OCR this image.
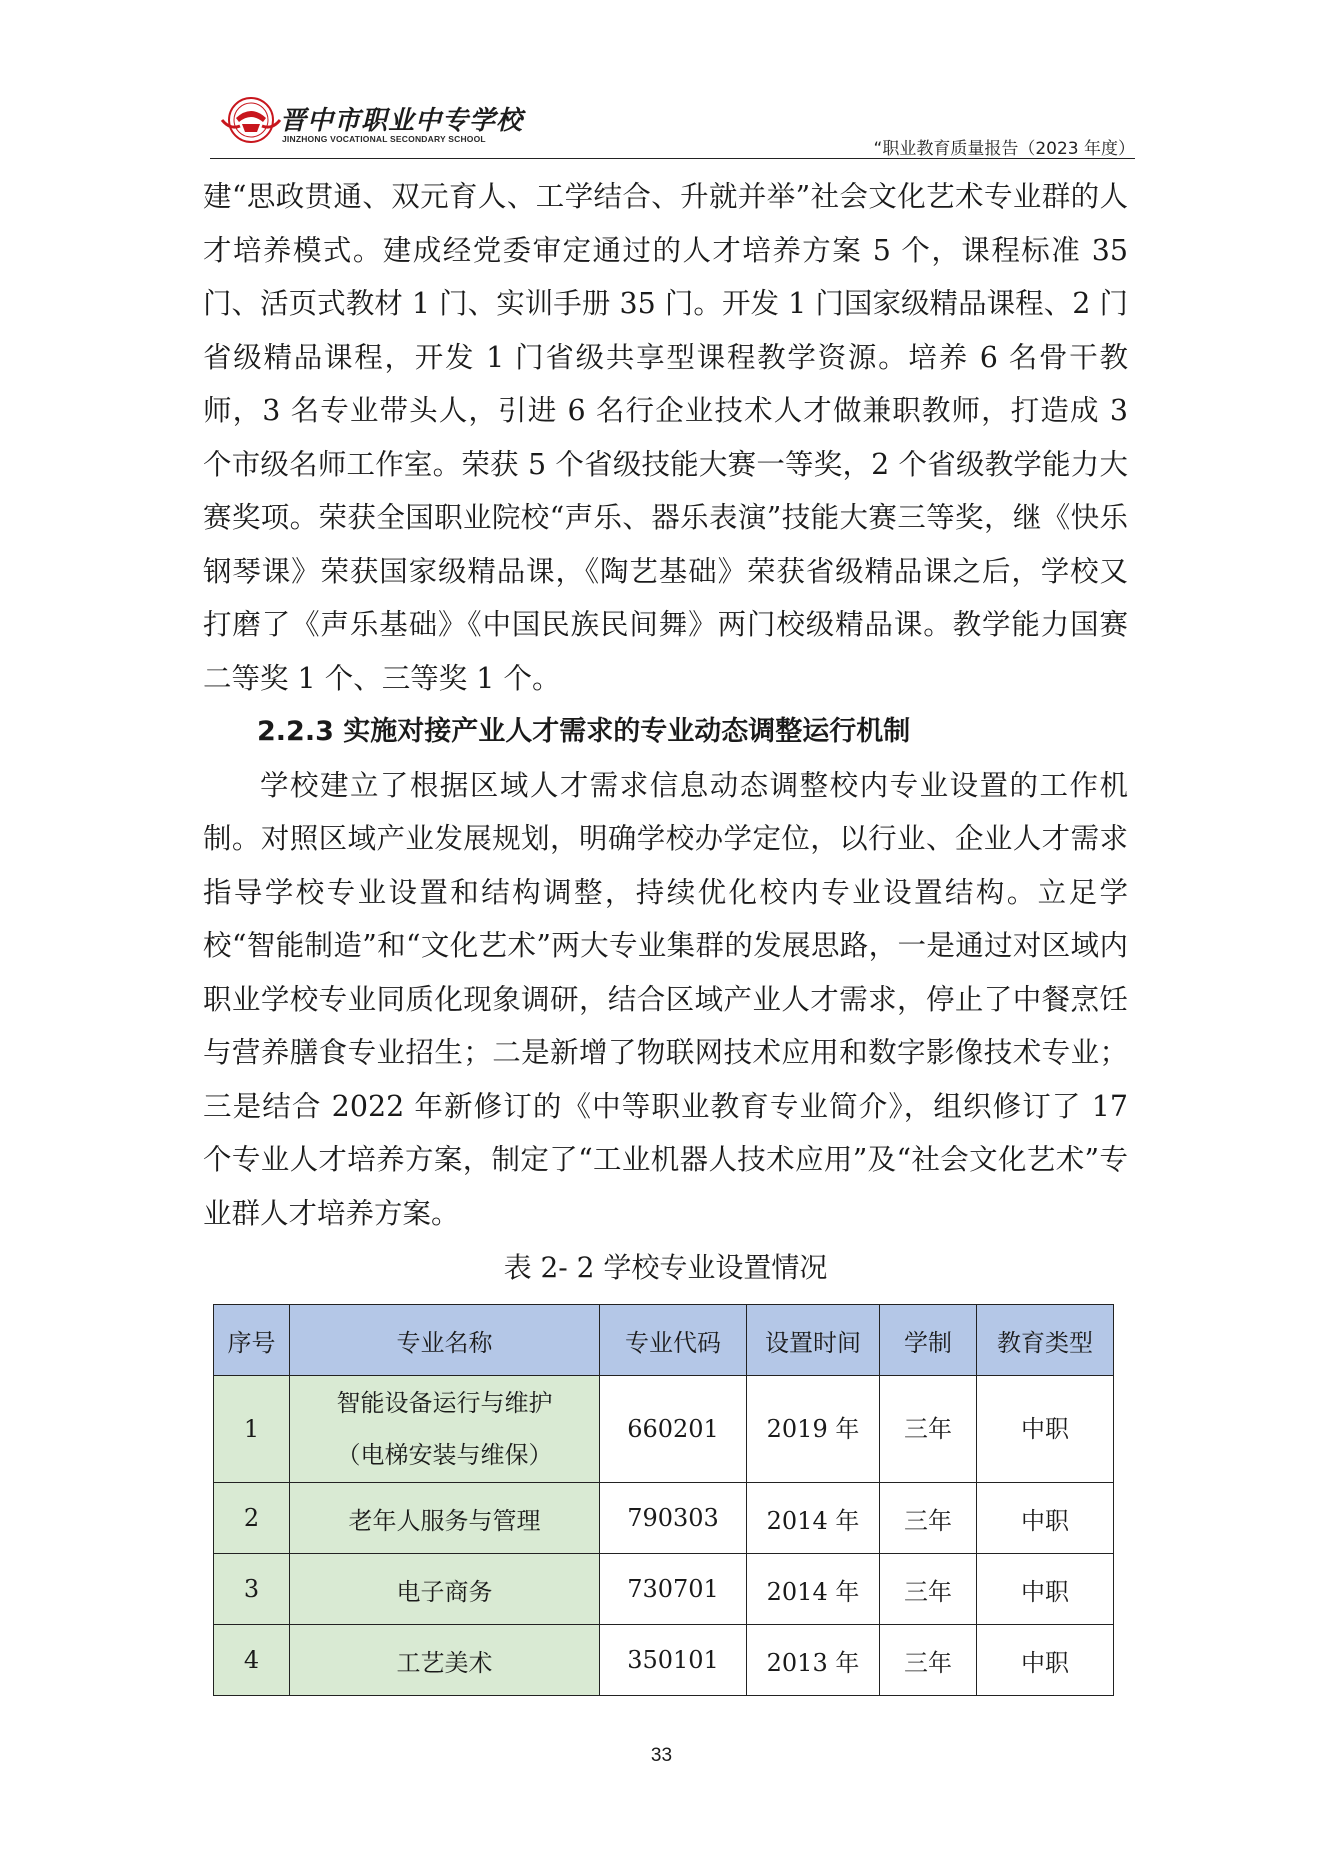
晋中市职业中专学校
JINZHONG VOCATIONAL SECONDARY SCHOOL	“职业教育质量报告（2023 年度）

建“思政贯通、双元育人、工学结合、升就并举”社会文化艺术专业群的人才培养模式。建成经党委审定通过的人才培养方案 5 个，课程标准 35 门、活页式教材 1 门、实训手册 35 门。开发 1 门国家级精品课程、2 门省级精品课程，开发 1 门省级共享型课程教学资源。培养 6 名骨干教师，3 名专业带头人，引进 6 名行企业技术人才做兼职教师，打造成 3 个市级名师工作室。荣获 5 个省级技能大赛一等奖，2 个省级教学能力大赛奖项。荣获全国职业院校“声乐、器乐表演”技能大赛三等奖，继《快乐钢琴课》荣获国家级精品课，《陶艺基础》荣获省级精品课之后，学校又打磨了《声乐基础》《中国民族民间舞》两门校级精品课。教学能力国赛二等奖 1 个、三等奖 1 个。

2.2.3 实施对接产业人才需求的专业动态调整运行机制

学校建立了根据区域人才需求信息动态调整校内专业设置的工作机制。对照区域产业发展规划，明确学校办学定位，以行业、企业人才需求指导学校专业设置和结构调整，持续优化校内专业设置结构。立足学校“智能制造”和“文化艺术”两大专业集群的发展思路，一是通过对区域内职业学校专业同质化现象调研，结合区域产业人才需求，停止了中餐烹饪与营养膳食专业招生；二是新增了物联网技术应用和数字影像技术专业；三是结合 2022 年新修订的《中等职业教育专业简介》，组织修订了 17 个专业人才培养方案，制定了“工业机器人技术应用”及“社会文化艺术”专业群人才培养方案。

表 2- 2 学校专业设置情况
序号	专业名称	专业代码	设置时间	学制	教育类型
1	智能设备运行与维护
（电梯安装与维保）	660201	2019 年	三年	中职
2	老年人服务与管理	790303	2014 年	三年	中职
3	电子商务	730701	2014 年	三年	中职
4	工艺美术	350101	2013 年	三年	中职
33
